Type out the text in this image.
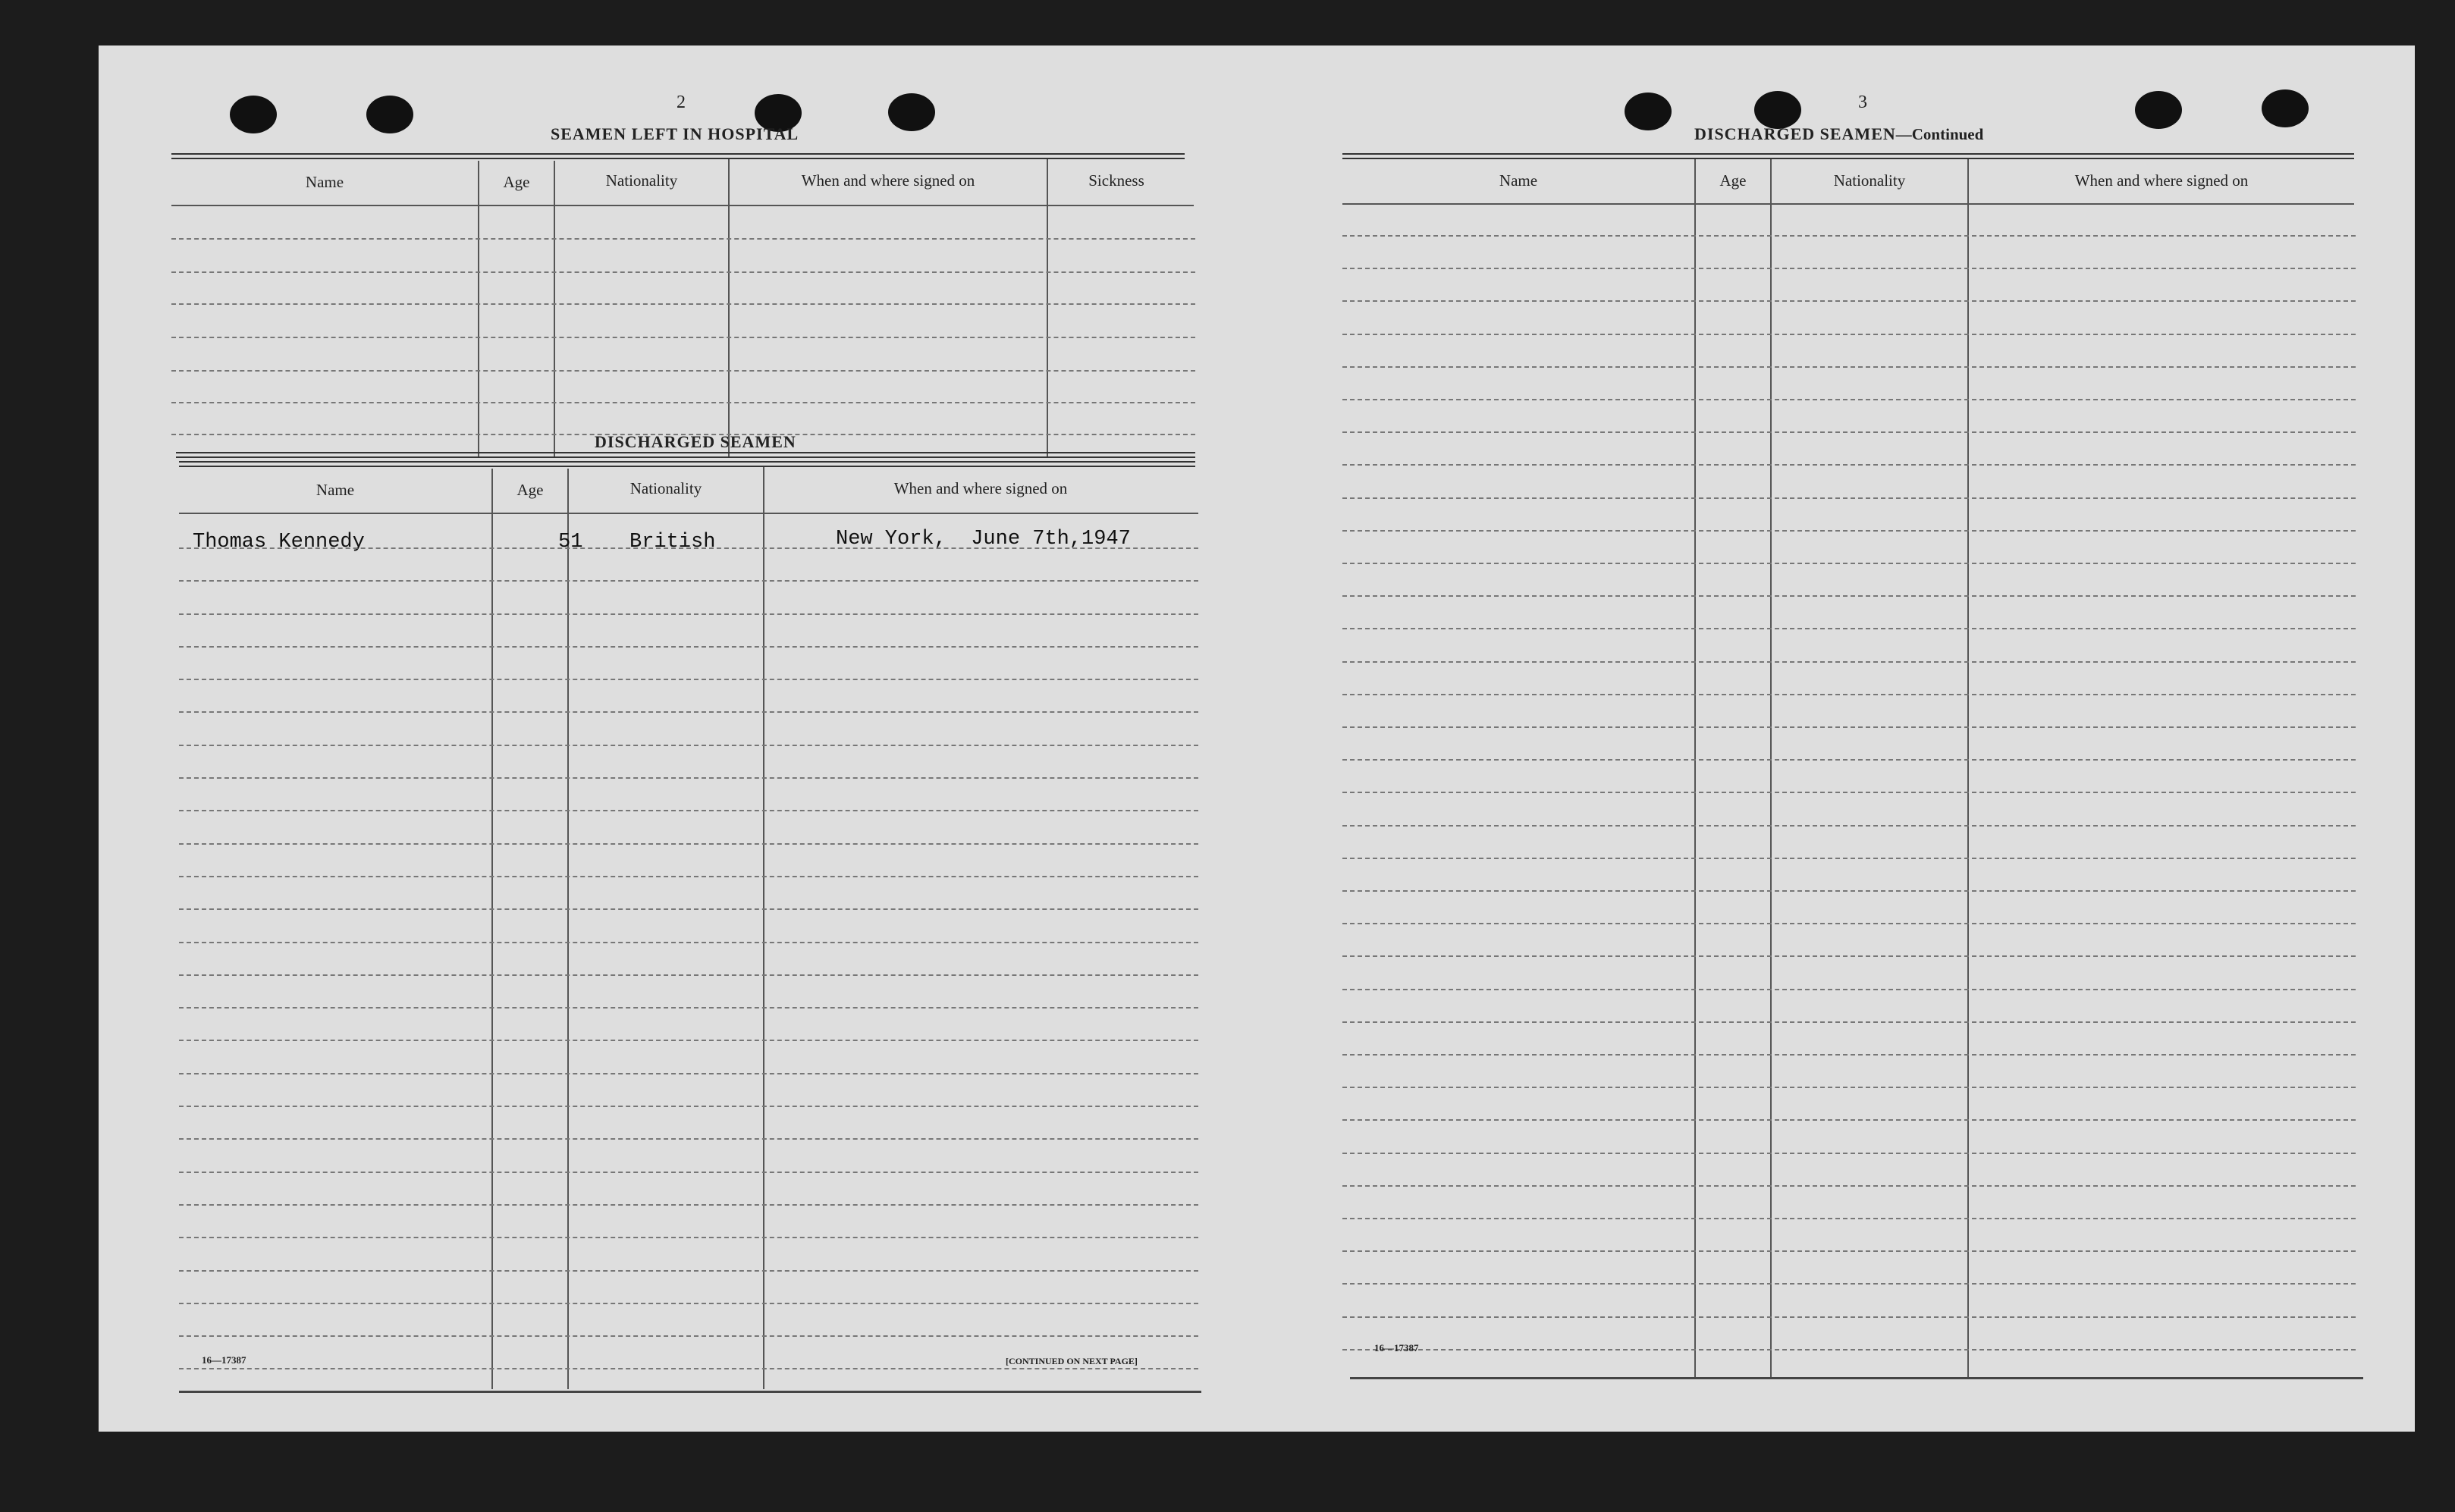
2
SEAMEN LEFT IN HOSPITAL
Name	Age	Nationality	When and where signed on	Sickness
DISCHARGED SEAMEN
Name	Age	Nationality	When and where signed on
Thomas Kennedy	51 British	New York,  June 7th,1947
16—17387	[CONTINUED ON NEXT PAGE]
3
DISCHARGED SEAMEN—Continued
Name	Age	Nationality	When and where signed on
16—17387
